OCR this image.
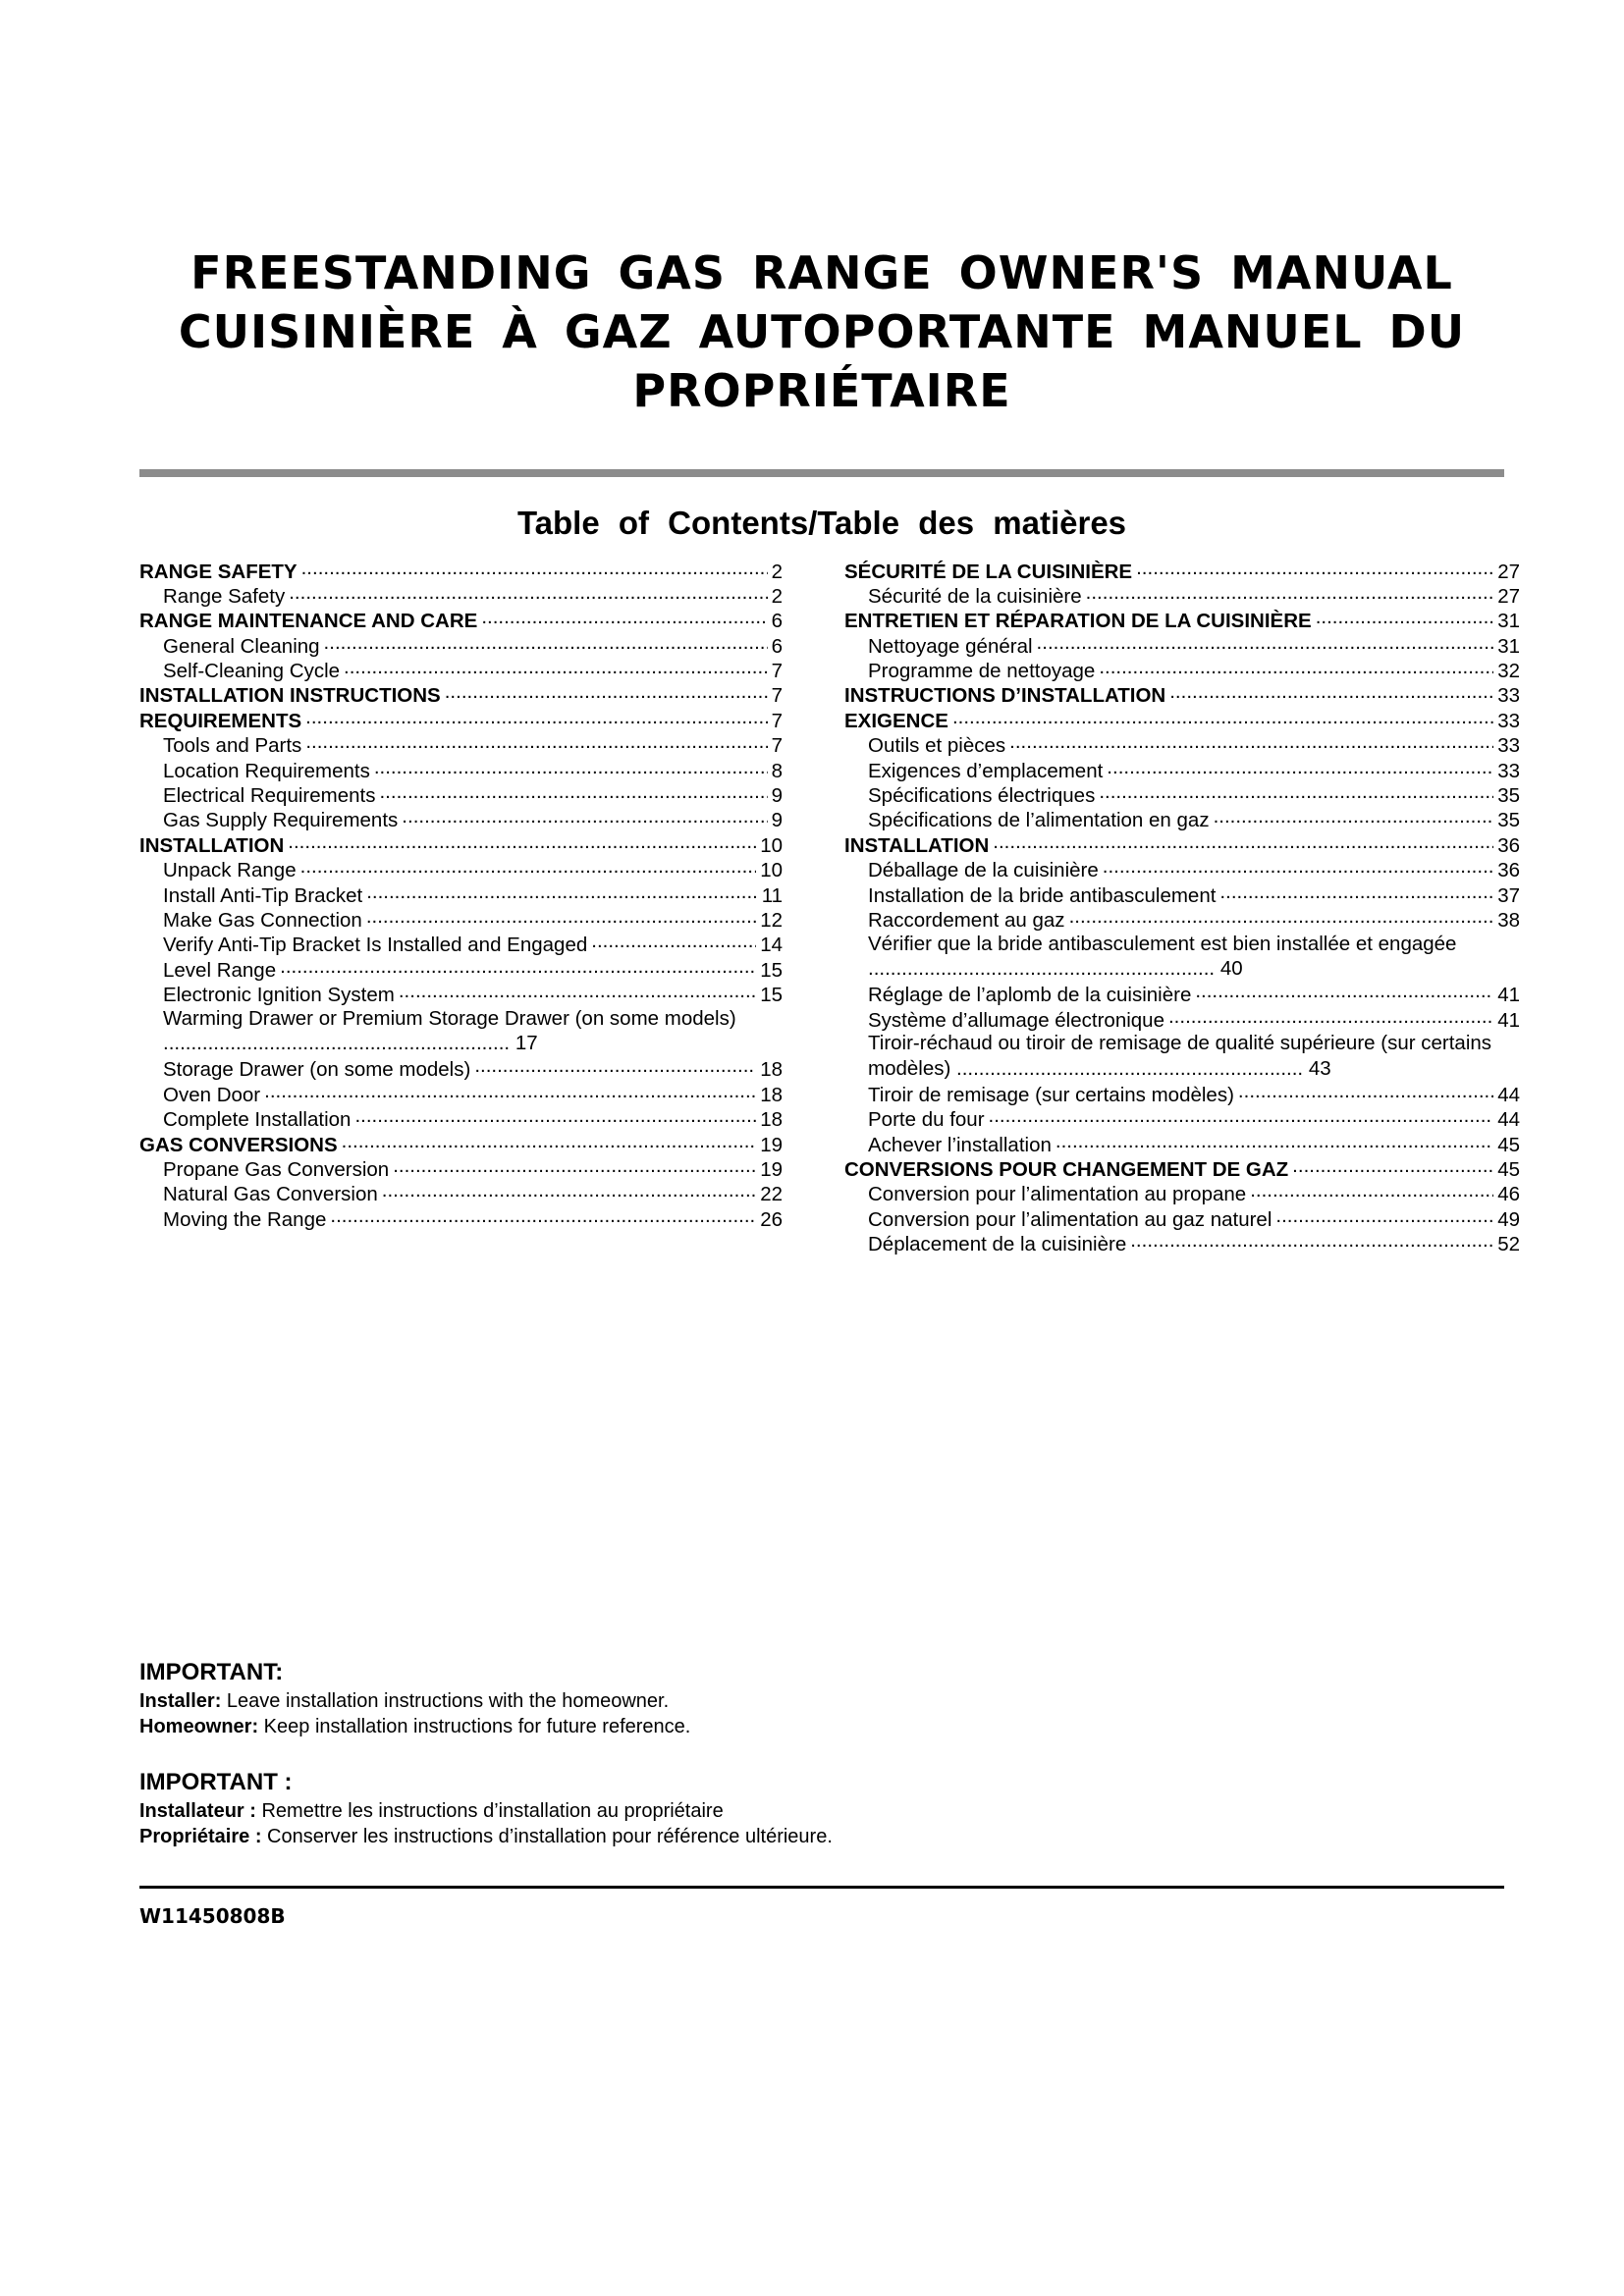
FREESTANDING GAS RANGE OWNER'S MANUAL
CUISINIÈRE À GAZ AUTOPORTANTE MANUEL DU
PROPRIÉTAIRE
Table of Contents/Table des matières
RANGE SAFETY .....	2
Range Safety .....	2
RANGE MAINTENANCE AND CARE .....	6
General Cleaning .....	6
Self-Cleaning Cycle .....	7
INSTALLATION INSTRUCTIONS .....	7
REQUIREMENTS .....	7
Tools and Parts .....	7
Location Requirements .....	8
Electrical Requirements .....	9
Gas Supply Requirements .....	9
INSTALLATION .....	10
Unpack Range .....	10
Install Anti-Tip Bracket .....	11
Make Gas Connection .....	12
Verify Anti-Tip Bracket Is Installed and Engaged .....	14
Level Range .....	15
Electronic Ignition System .....	15
Warming Drawer or Premium Storage Drawer (on some models) .............................................................. 17
Storage Drawer (on some models) .....	18
Oven Door .....	18
Complete Installation .....	18
GAS CONVERSIONS .....	19
Propane Gas Conversion .....	19
Natural Gas Conversion .....	22
Moving the Range .....	26
SÉCURITÉ DE LA CUISINIÈRE .....	27
Sécurité de la cuisinière .....	27
ENTRETIEN ET RÉPARATION DE LA CUISINIÈRE .....	31
Nettoyage général .....	31
Programme de nettoyage .....	32
INSTRUCTIONS D’INSTALLATION .....	33
EXIGENCE .....	33
Outils et pièces .....	33
Exigences d’emplacement .....	33
Spécifications électriques .....	35
Spécifications de l’alimentation en gaz .....	35
INSTALLATION .....	36
Déballage de la cuisinière .....	36
Installation de la bride antibasculement .....	37
Raccordement au gaz .....	38
Vérifier que la bride antibasculement est bien installée et engagée .............................................................. 40
Réglage de l’aplomb de la cuisinière .....	41
Système d’allumage électronique .....	41
Tiroir-réchaud ou tiroir de remisage de qualité supérieure (sur certains modèles) .............................................................. 43
Tiroir de remisage (sur certains modèles) .....	44
Porte du four .....	44
Achever l’installation .....	45
CONVERSIONS POUR CHANGEMENT DE GAZ .....	45
Conversion pour l’alimentation au propane .....	46
Conversion pour l’alimentation au gaz naturel .....	49
Déplacement de la cuisinière .....	52
IMPORTANT:
Installer: Leave installation instructions with the homeowner.
Homeowner: Keep installation instructions for future reference.
IMPORTANT :
Installateur : Remettre les instructions d’installation au propriétaire
Propriétaire : Conserver les instructions d’installation pour référence ultérieure.
W11450808B
